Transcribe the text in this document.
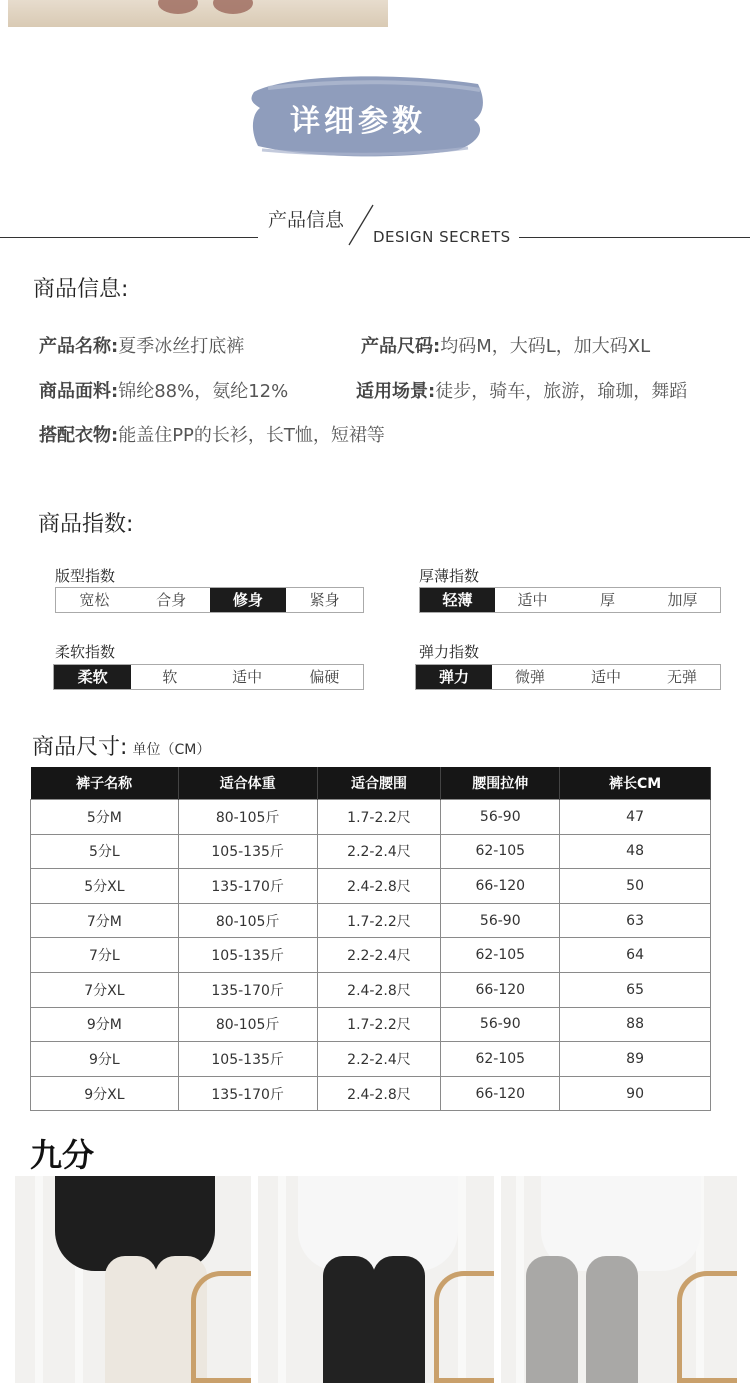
详细参数
产品信息
DESIGN SECRETS
商品信息:
产品名称:夏季冰丝打底裤	产品尺码:均码M，大码L，加大码XL
商品面料:锦纶88%，氨纶12%	适用场景:徒步，骑车，旅游，瑜珈，舞蹈
搭配衣物:能盖住PP的长衫，长T恤，短裙等
商品指数:
版型指数
宽松	合身	修身	紧身
厚薄指数
轻薄	适中	厚	加厚
柔软指数
柔软	软	适中	偏硬
弹力指数
弹力	微弹	适中	无弹
商品尺寸: 单位（CM）
裤子名称	适合体重	适合腰围	腰围拉伸	裤长CM
5分M	80-105斤	1.7-2.2尺	56-90	47
5分L	105-135斤	2.2-2.4尺	62-105	48
5分XL	135-170斤	2.4-2.8尺	66-120	50
7分M	80-105斤	1.7-2.2尺	56-90	63
7分L	105-135斤	2.2-2.4尺	62-105	64
7分XL	135-170斤	2.4-2.8尺	66-120	65
9分M	80-105斤	1.7-2.2尺	56-90	88
9分L	105-135斤	2.2-2.4尺	62-105	89
9分XL	135-170斤	2.4-2.8尺	66-120	90
九分
